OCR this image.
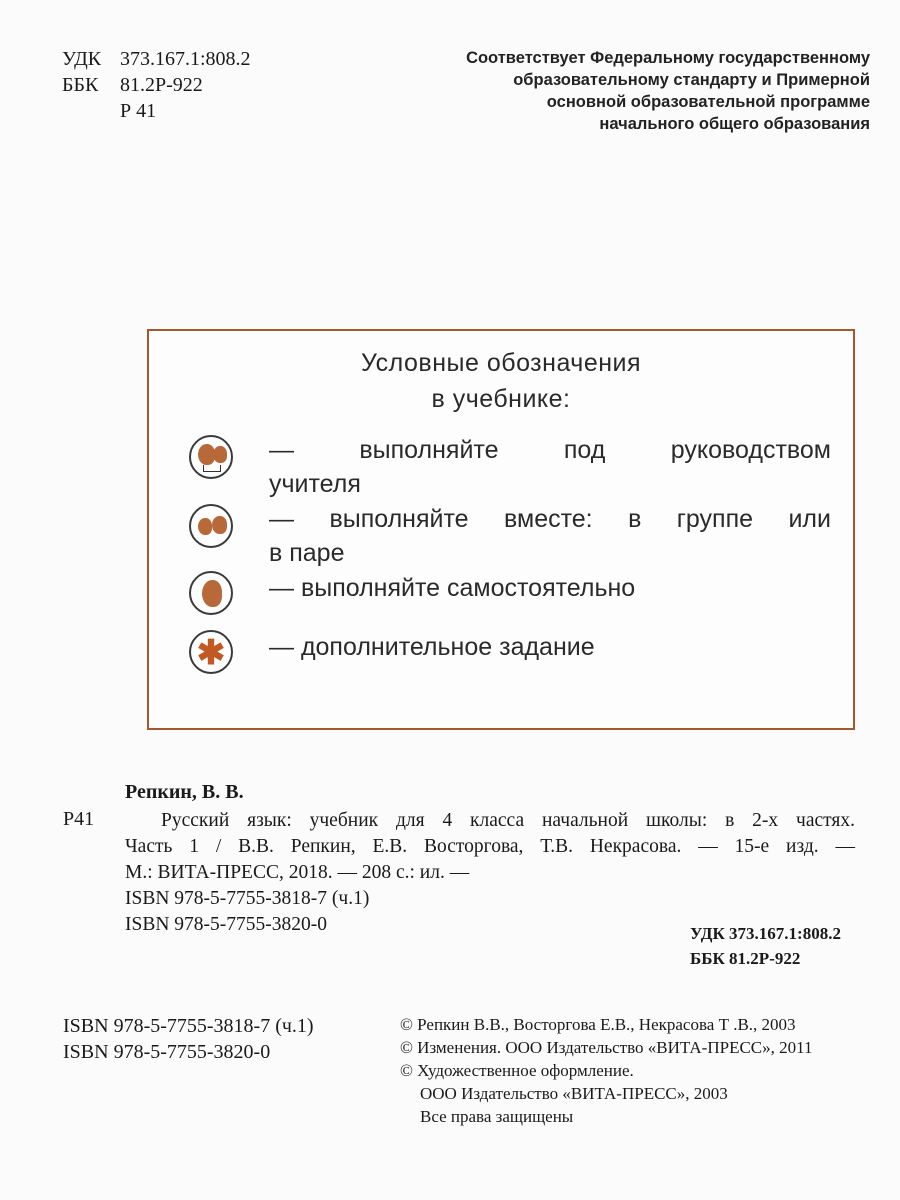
УДК 373.167.1:808.2
ББК 81.2Р-922
Р 41
Соответствует Федеральному государственному
образовательному стандарту и Примерной
основной образовательной программе
начального общего образования
Условные обозначения
в учебнике:
— выполняйте под руководством
учителя
— выполняйте вместе: в группе или
в паре
— выполняйте самостоятельно
✱ — дополнительное задание
Репкин, В. В.
Р41	Русский язык: учебник для 4 класса начальной школы: в 2-х частях.
Часть 1 / В.В. Репкин, Е.В. Восторгова, Т.В. Некрасова. — 15-е изд. —
М.: ВИТА-ПРЕСС, 2018. — 208 с.: ил. —
ISBN 978-5-7755-3818-7 (ч.1)
ISBN 978-5-7755-3820-0	УДК 373.167.1:808.2
ББК 81.2Р-922
ISBN 978-5-7755-3818-7 (ч.1)
ISBN 978-5-7755-3820-0
© Репкин В.В., Восторгова Е.В., Некрасова Т .В., 2003
© Изменения. ООО Издательство «ВИТА-ПРЕСС», 2011
© Художественное оформление.
ООО Издательство «ВИТА-ПРЕСС», 2003
Все права защищены
